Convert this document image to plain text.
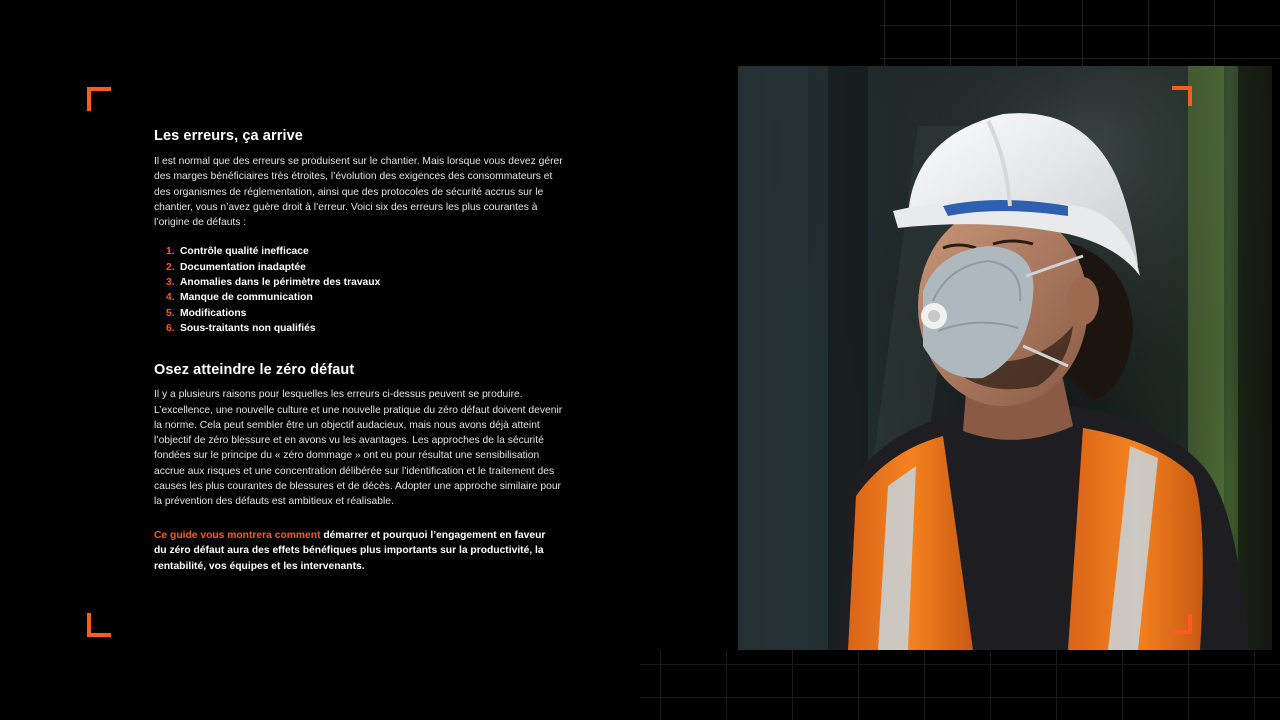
Les erreurs, ça arrive

Il est normal que des erreurs se produisent sur le chantier. Mais lorsque vous devez gérer des marges bénéficiaires très étroites, l’évolution des exigences des consommateurs et des organismes de réglementation, ainsi que des protocoles de sécurité accrus sur le chantier, vous n’avez guère droit à l’erreur. Voici six des erreurs les plus courantes à l’origine de défauts :

1. Contrôle qualité inefficace
2. Documentation inadaptée
3. Anomalies dans le périmètre des travaux
4. Manque de communication
5. Modifications
6. Sous-traitants non qualifiés
Osez atteindre le zéro défaut

Il y a plusieurs raisons pour lesquelles les erreurs ci-dessus peuvent se produire. L’excellence, une nouvelle culture et une nouvelle pratique du zéro défaut doivent devenir la norme. Cela peut sembler être un objectif audacieux, mais nous avons déjà atteint l’objectif de zéro blessure et en avons vu les avantages. Les approches de la sécurité fondées sur le principe du « zéro dommage » ont eu pour résultat une sensibilisation accrue aux risques et une concentration délibérée sur l’identification et le traitement des causes les plus courantes de blessures et de décès. Adopter une approche similaire pour la prévention des défauts est ambitieux et réalisable.

Ce guide vous montrera comment démarrer et pourquoi l’engagement en faveur du zéro défaut aura des effets bénéfiques plus importants sur la productivité, la rentabilité, vos équipes et les intervenants.
